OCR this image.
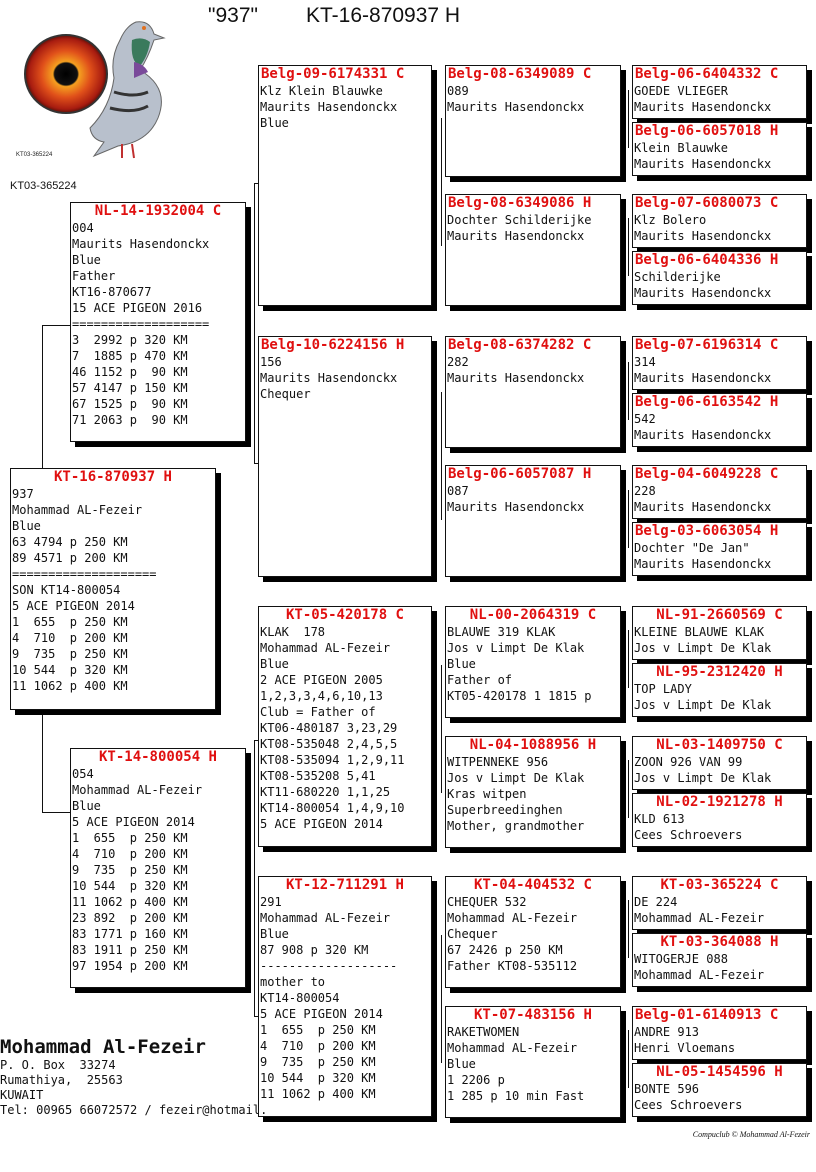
"937" KT-16-870937 H
KT03-365224
KT03-365224
KT-16-870937 H
937
Mohammad AL-Fezeir
Blue
63 4794 p 250 KM
89 4571 p 200 KM
====================
SON KT14-800054
5 ACE PIGEON 2014
1  655  p 250 KM
4  710  p 200 KM
9  735  p 250 KM
10 544  p 320 KM
11 1062 p 400 KM
NL-14-1932004 C
004
Maurits Hasendonckx
Blue
Father
KT16-870677
15 ACE PIGEON 2016
===================
3  2992 p 320 KM
7  1885 p 470 KM
46 1152 p  90 KM
57 4147 p 150 KM
67 1525 p  90 KM
71 2063 p  90 KM
KT-14-800054 H
054
Mohammad AL-Fezeir
Blue
5 ACE PIGEON 2014
1  655  p 250 KM
4  710  p 200 KM
9  735  p 250 KM
10 544  p 320 KM
11 1062 p 400 KM
23 892  p 200 KM
83 1771 p 160 KM
83 1911 p 250 KM
97 1954 p 200 KM
Belg-09-6174331 C
Klz Klein Blauwke
Maurits Hasendonckx
Blue
Belg-10-6224156 H
156
Maurits Hasendonckx
Chequer
KT-05-420178 C
KLAK  178
Mohammad AL-Fezeir
Blue
2 ACE PIGEON 2005
1,2,3,3,4,6,10,13
Club = Father of
KT06-480187 3,23,29
KT08-535048 2,4,5,5
KT08-535094 1,2,9,11
KT08-535208 5,41
KT11-680220 1,1,25
KT14-800054 1,4,9,10
5 ACE PIGEON 2014
KT-12-711291 H
291
Mohammad AL-Fezeir
Blue
87 908 p 320 KM
-------------------
mother to
KT14-800054
5 ACE PIGEON 2014
1  655  p 250 KM
4  710  p 200 KM
9  735  p 250 KM
10 544  p 320 KM
11 1062 p 400 KM
Belg-08-6349089 C
089
Maurits Hasendonckx
Belg-08-6349086 H
Dochter Schilderijke
Maurits Hasendonckx
Belg-08-6374282 C
282
Maurits Hasendonckx
Belg-06-6057087 H
087
Maurits Hasendonckx
NL-00-2064319 C
BLAUWE 319 KLAK
Jos v Limpt De Klak
Blue
Father of
KT05-420178 1 1815 p
NL-04-1088956 H
WITPENNEKE 956
Jos v Limpt De Klak
Kras witpen
Superbreedinghen
Mother, grandmother
KT-04-404532 C
CHEQUER 532
Mohammad AL-Fezeir
Chequer
67 2426 p 250 KM
Father KT08-535112
KT-07-483156 H
RAKETWOMEN
Mohammad AL-Fezeir
Blue
1 2206 p
1 285 p 10 min Fast
Belg-06-6404332 C
GOEDE VLIEGER
Maurits Hasendonckx
Belg-06-6057018 H
Klein Blauwke
Maurits Hasendonckx
Belg-07-6080073 C
Klz Bolero
Maurits Hasendonckx
Belg-06-6404336 H
Schilderijke
Maurits Hasendonckx
Belg-07-6196314 C
314
Maurits Hasendonckx
Belg-06-6163542 H
542
Maurits Hasendonckx
Belg-04-6049228 C
228
Maurits Hasendonckx
Belg-03-6063054 H
Dochter "De Jan"
Maurits Hasendonckx
NL-91-2660569 C
KLEINE BLAUWE KLAK
Jos v Limpt De Klak
NL-95-2312420 H
TOP LADY
Jos v Limpt De Klak
NL-03-1409750 C
ZOON 926 VAN 99
Jos v Limpt De Klak
NL-02-1921278 H
KLD 613
Cees Schroevers
KT-03-365224 C
DE 224
Mohammad AL-Fezeir
KT-03-364088 H
WITOGERJE 088
Mohammad AL-Fezeir
Belg-01-6140913 C
ANDRE 913
Henri Vloemans
NL-05-1454596 H
BONTE 596
Cees Schroevers
Mohammad Al-Fezeir
P. O. Box  33274
Rumathiya,  25563
KUWAIT
Tel: 00965 66072572 / fezeir@hotmail.
Compuclub © Mohammad Al-Fezeir
